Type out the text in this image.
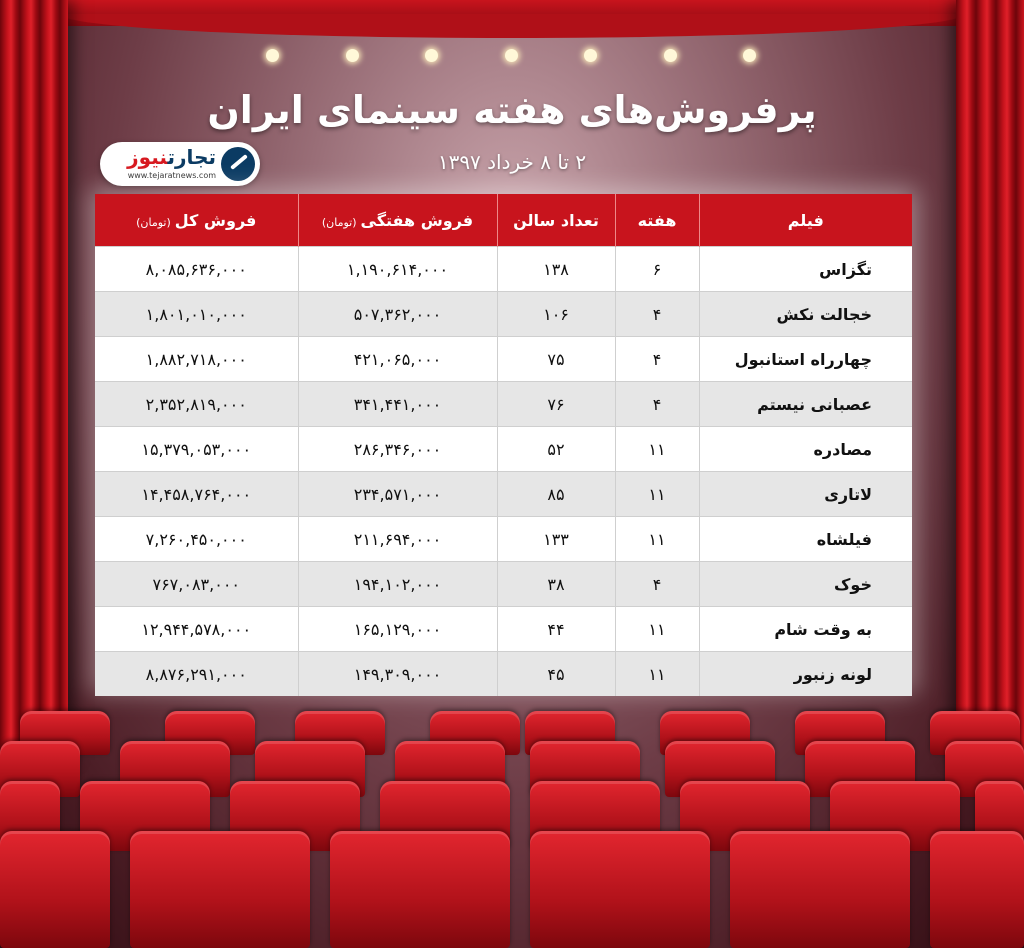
پرفروش‌های هفته سینمای ایران
۲ تا ۸ خرداد ۱۳۹۷
تجارتنیوز
www.tejaratnews.com
فیلم	هفته	تعداد سالن	فروش هفتگی(تومان)	فروش کل(تومان)
تگزاس	۶	۱۳۸	۱,۱۹۰,۶۱۴,۰۰۰	۸,۰۸۵,۶۳۶,۰۰۰
خجالت نکش	۴	۱۰۶	۵۰۷,۳۶۲,۰۰۰	۱,۸۰۱,۰۱۰,۰۰۰
چهارراه استانبول	۴	۷۵	۴۲۱,۰۶۵,۰۰۰	۱,۸۸۲,۷۱۸,۰۰۰
عصبانی نیستم	۴	۷۶	۳۴۱,۴۴۱,۰۰۰	۲,۳۵۲,۸۱۹,۰۰۰
مصادره	۱۱	۵۲	۲۸۶,۳۴۶,۰۰۰	۱۵,۳۷۹,۰۵۳,۰۰۰
لاتاری	۱۱	۸۵	۲۳۴,۵۷۱,۰۰۰	۱۴,۴۵۸,۷۶۴,۰۰۰
فیلشاه	۱۱	۱۳۳	۲۱۱,۶۹۴,۰۰۰	۷,۲۶۰,۴۵۰,۰۰۰
خوک	۴	۳۸	۱۹۴,۱۰۲,۰۰۰	۷۶۷,۰۸۳,۰۰۰
به وقت شام	۱۱	۴۴	۱۶۵,۱۲۹,۰۰۰	۱۲,۹۴۴,۵۷۸,۰۰۰
لونه زنبور	۱۱	۴۵	۱۴۹,۳۰۹,۰۰۰	۸,۸۷۶,۲۹۱,۰۰۰
